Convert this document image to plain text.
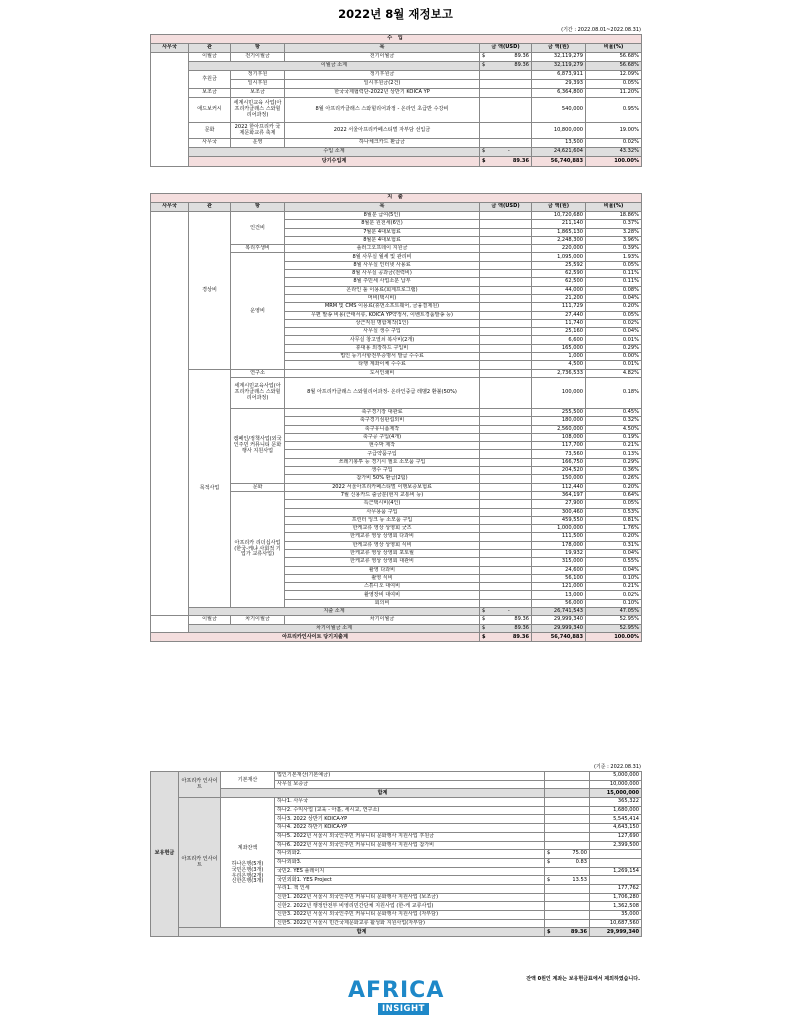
2022년 8월 재정보고
(기간 : 2022.08.01~2022.08.31)
수 입							
사무국	관	항	목	금 액(USD)		금 액(원)	비율(%)
	이월금	전기이월금	전기이월금	$	89.36	32,119,279	56.68%
	이월금 소계			$	89.36	32,119,279	56.68%
	후원금	정기후원	정기후원금			6,873,911	12.09%
		일시후원	일시후원금(2건)			29,393	0.05%
	보조금	보조금	한국국제협력단-2022년 상반기 KOICA YP			6,364,800	11.20%
	애드보커시	세계시민교육 사업(아프리카클래스 스와힐리어과정)	8월 아프리카클래스 스와힐리어과정 - 온라인 초급반 수강비			540,000	0.95%
	문화	2022 한아프리카 국제문화교류 축제	2022 서울아프리카페스티벌 자부담 선입금			10,800,000	19.00%
	사무국	운영	하나체크카드 환급금			13,500	0.02%
	수입 소계			$	-	24,621,604	43.32%
	당기수입계			$	89.36	56,740,883	100.00%
지 출							
사무국	관	항	목	금 액(USD)		금 액(원)	비율(%)
	경상비	인건비	8월분 급여(5인)			10,720,680	18.86%
			8월분 원천세(6인)			211,140	0.37%
			7월분 4대보험료			1,865,130	3.28%
			8월분 4대보험료			2,248,300	3.96%
		복리후생비	플러그오프데이 지원금			220,000	0.39%
		운영비	8월 사무실 월세 및 관리비			1,095,000	1.93%
			8월 사무실 인터넷 사용료			25,592	0.05%
			8월 사무실 공과금(전력비)			62,590	0.11%
			8월 주민세 사업소분 납부			62,500	0.11%
			온라인 툴 이용료(회계프로그램)			44,000	0.08%
			머비(택시비)			21,200	0.04%
			MRM 및 CMS 이용료(휴먼소프트웨어, 금융결제원)			111,729	0.20%
			우편 발송 비용(근태서류, KOICA YP약정서, 이벤트경품발송 등)			27,440	0.05%
			상근직원 명함제작(1인)			11,740	0.02%
			사무실 생수 구입			25,160	0.04%
			사무실 창고열쇠 복사비(2개)			6,600	0.01%
			휴대용 외장하드 구입비			165,000	0.29%
			법인 등기사항전부증명서 발급 수수료			1,000	0.00%
			타행 계좌이체 수수료			4,500	0.01%
	목적사업	연구소	도서인쇄비			2,736,533	4.82%
		세계시민교육사업(아프리카클래스 스와힐리어과정)	8월 아프리카클래스 스와힐리어과정- 온라인중급 레벨2 환불(50%)			100,000	0.18%
		캠페인/정책사업(외국인주민 커뮤니티 문화행사 지원사업	축구경기장 대관료			255,500	0.45%
			축구경기심판섭외비			180,000	0.32%
			축구유니폼제작			2,560,000	4.50%
			축구공 구입(4개)			108,000	0.19%
			현수막 제작			117,700	0.21%
			구급약품구입			73,560	0.13%
			쓰레기봉투 등 경기시 필요 소모품 구입			166,750	0.29%
			생수 구입			204,520	0.36%
			참가비 50% 환급(2팀)			150,000	0.26%
		문화	2022 서울아프리카페스티벌 이행보증보험료			112,440	0.20%
		아프리카 리더십사업 (한국-케냐 사회적 기업가 교류사업)	7월 신용카드 출금분(현지 교통비 등)			364,197	0.64%
			특근택시비(4인)			27,900	0.05%
			사무용품 구입			300,460	0.53%
			프린터 잉크 등 소모품 구입			459,550	0.81%
			한케교류 영상 상영회 굿즈			1,000,000	1.76%
			한케교류 영상 상영회 다과비			111,500	0.20%
			한케교류 영상 상영회 식비			178,000	0.31%
			한케교류 영상 상영회 포토월			19,932	0.04%
			한케교류 영상 상영회 대관비			315,000	0.55%
			촬영 다과비			24,600	0.04%
			촬영 식비			56,100	0.10%
			스튜디오 대여비			121,000	0.21%
			촬영장비 대여비			13,000	0.02%
			회의비			56,000	0.10%
	지출 소계			$	-	26,741,543	47.05%
	이월금	차기이월금	차기이월금	$	89.36	29,999,340	52.95%
	차기이월금 소계			$	89.36	29,999,340	52.95%
아프리카인사이트 당기지출계				$	89.36	56,740,883	100.00%
(기준 : 2022.08.31)
보유현금	아프리카 인사이트	기본재산	법인기본재산(기본예금)			5,000,000
			사무실 보증금			10,000,000
		합계				15,000,000
	아프리카 인사이트	계좌잔액
하나은행(5개)
국민은행(3개)
우리은행(2개)
신한은행(3개)	하나1. 사무국			365,322
			하나2. 수익사업 (교육 - 아훌, 세시교, 연구소)			1,680,000
			하나3. 2022 상반기 KOICA-YP			5,545,414
			하나4. 2022 하반기 KOICA-YP			4,643,150
			하나5. 2022년 서울시 외국인주민 커뮤니티 문화행사 지원사업 후원금			127,690
			하나6. 2022년 서울시 외국인주민 커뮤니티 문화행사 지원사업 참가비			2,399,500
			하나외화2.	$	75.00	
			하나외화3.	$	0.83	
			국민2. YES 플레이지			1,269,154
			국민외화1. YES Project	$	13.53	
			우리1. 책 인세			177,762
			신한1. 2022년 서울시 외국인주민 커뮤니티 문화행사 지원사업 (보조금)			1,706,280
			신한2. 2022년 행정안전부 비영리민간단체 지원사업 (한-케 교류사업)			1,362,508
			신한3. 2022년 서울시 외국인주민 커뮤니티 문화행사 지원사업 (자부담)			35,000
			신한5. 2022년 서울시 민간국제문화교류 활성화 지원사업(자부담)			10,687,560
	합계			$	89.36	29,999,340
잔액 0원인 계좌는 보유현금표에서 제외하였습니다.
AFRICA
INSIGHT
